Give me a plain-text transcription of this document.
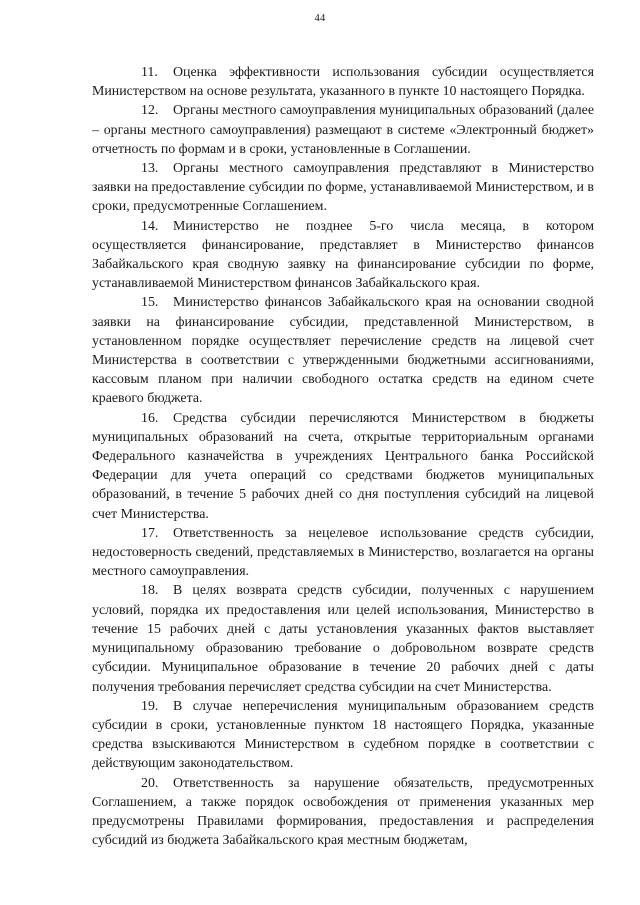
44

11. Оценка эффективности использования субсидии осуществляется Министерством на основе результата, указанного в пункте 10 настоящего Порядка.

12. Органы местного самоуправления муниципальных образований (далее – органы местного самоуправления) размещают в системе «Электронный бюджет» отчетность по формам и в сроки, установленные в Соглашении.

13. Органы местного самоуправления представляют в Министерство заявки на предоставление субсидии по форме, устанавливаемой Министерством, и в сроки, предусмотренные Соглашением.

14. Министерство не позднее 5-го числа месяца, в котором осуществляется финансирование, представляет в Министерство финансов Забайкальского края сводную заявку на финансирование субсидии по форме, устанавливаемой Министерством финансов Забайкальского края.

15. Министерство финансов Забайкальского края на основании сводной заявки на финансирование субсидии, представленной Министерством, в установленном порядке осуществляет перечисление средств на лицевой счет Министерства в соответствии с утвержденными бюджетными ассигнованиями, кассовым планом при наличии свободного остатка средств на едином счете краевого бюджета.

16. Средства субсидии перечисляются Министерством в бюджеты муниципальных образований на счета, открытые территориальным органами Федерального казначейства в учреждениях Центрального банка Российской Федерации для учета операций со средствами бюджетов муниципальных образований, в течение 5 рабочих дней со дня поступления субсидий на лицевой счет Министерства.

17. Ответственность за нецелевое использование средств субсидии, недостоверность сведений, представляемых в Министерство, возлагается на органы местного самоуправления.

18. В целях возврата средств субсидии, полученных с нарушением условий, порядка их предоставления или целей использования, Министерство в течение 15 рабочих дней с даты установления указанных фактов выставляет муниципальному образованию требование о добровольном возврате средств субсидии. Муниципальное образование в течение 20 рабочих дней с даты получения требования перечисляет средства субсидии на счет Министерства.

19. В случае неперечисления муниципальным образованием средств субсидии в сроки, установленные пунктом 18 настоящего Порядка, указанные средства взыскиваются Министерством в судебном порядке в соответствии с действующим законодательством.

20. Ответственность за нарушение обязательств, предусмотренных Соглашением, а также порядок освобождения от применения указанных мер предусмотрены Правилами формирования, предоставления и распределения субсидий из бюджета Забайкальского края местным бюджетам,
